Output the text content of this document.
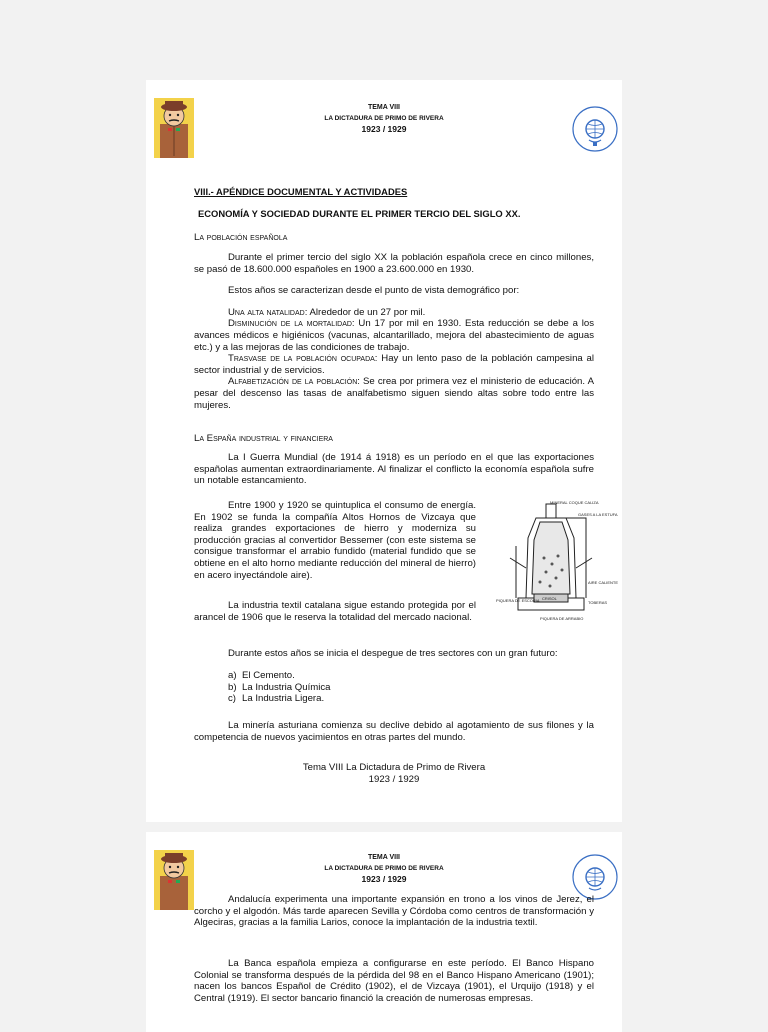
TEMA VIII
LA DICTADURA DE PRIMO DE RIVERA
1923 / 1929
VIII.- APÉNDICE DOCUMENTAL Y ACTIVIDADES
ECONOMÍA Y SOCIEDAD DURANTE EL PRIMER TERCIO DEL SIGLO XX.
La población española

Durante el primer tercio del siglo XX la población española crece en cinco millones, se pasó de 18.600.000 españoles en 1900 a 23.600.000 en 1930.

Estos años se caracterizan desde el punto de vista demográfico por:

Una alta natalidad: Alrededor de un 27 por mil.

Disminución de la mortalidad: Un 17 por mil en 1930. Esta reducción se debe a los avances médicos e higiénicos (vacunas, alcantarillado, mejora del abastecimiento de aguas etc.) y a las mejoras de las condiciones de trabajo.

Trasvase de la población ocupada: Hay un lento paso de la población campesina al sector industrial y de servicios.

Alfabetización de la población: Se crea por primera vez el ministerio de educación. A pesar del descenso las tasas de analfabetismo siguen siendo altas sobre todo entre las mujeres.

La España industrial y financiera

La I Guerra Mundial (de 1914 á 1918) es un período en el que las exportaciones españolas aumentan extraordinariamente. Al finalizar el conflicto la economía española sufre un notable estancamiento.

Entre 1900 y 1920 se quintuplica el consumo de energía. En 1902 se funda la compañía Altos Hornos de Vizcaya que realiza grandes exportaciones de hierro y moderniza su producción gracias al convertidor Bessemer (con este sistema se consigue transformar el arrabio fundido (material fundido que se obtiene en el alto horno mediante reducción del mineral de hierro) en acero inyectándole aire).

La industria textil catalana sigue estando protegida por el arancel de 1906 que le reserva la totalidad del mercado nacional.

MINERAL COQUE CALIZA
GASES A LA ESTUFA
AIRE CALIENTE
PIQUERA DE ESCORIA	TOBERAS
CRISOL
PIQUERA DE ARRABIO

Durante estos años se inicia el despegue de tres sectores con un gran futuro:

a) El Cemento.
b) La Industria Química
c) La Industria Ligera.

La minería asturiana comienza su declive debido al agotamiento de sus filones y la competencia de nuevos yacimientos en otras partes del mundo.

Tema VIII La Dictadura de Primo de Rivera
1923 / 1929
TEMA VIII
LA DICTADURA DE PRIMO DE RIVERA
1923 / 1929

Andalucía experimenta una importante expansión en trono a los vinos de Jerez, el corcho y el algodón. Más tarde aparecen Sevilla y Córdoba como centros de transformación y Algeciras, gracias a la familia Larios, conoce la implantación de la industria textil.

La Banca española empieza a configurarse en este período. El Banco Hispano Colonial se transforma después de la pérdida del 98 en el Banco Hispano Americano (1901); nacen los bancos Español de Crédito (1902), el de Vizcaya (1901), el Urquijo (1918) y el Central (1919). El sector bancario financió la creación de numerosas empresas.
